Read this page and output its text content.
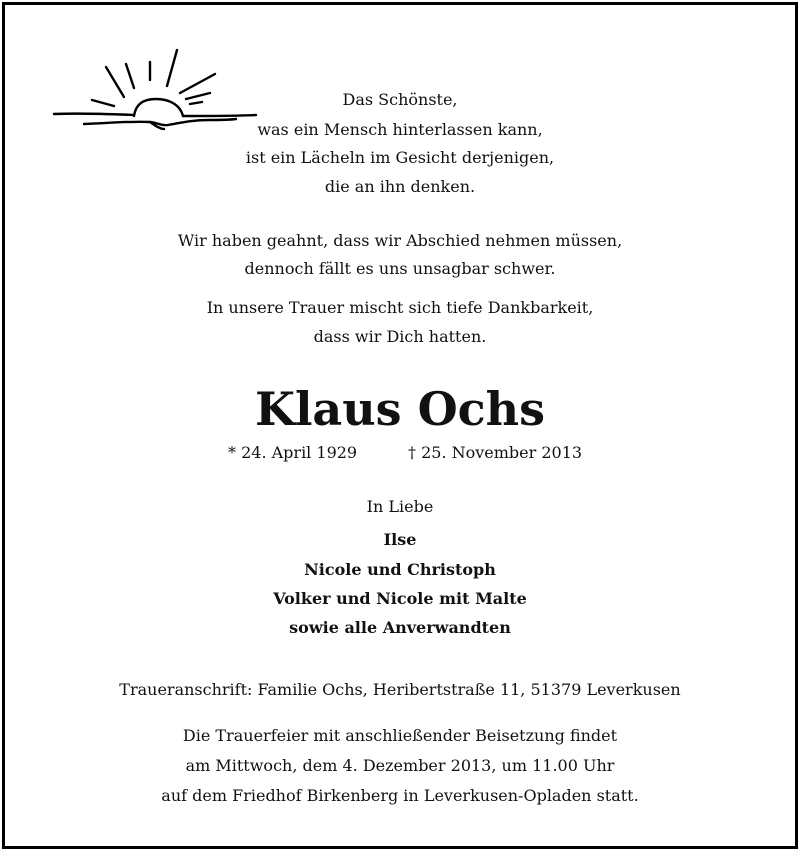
Das Schönste,
was ein Mensch hinterlassen kann,
ist ein Lächeln im Gesicht derjenigen,
die an ihn denken.
Wir haben geahnt, dass wir Abschied nehmen müssen,
dennoch fällt es uns unsagbar schwer.
In unsere Trauer mischt sich tiefe Dankbarkeit,
dass wir Dich hatten.
Klaus Ochs
* 24. April 1929	† 25. November 2013
In Liebe
Ilse
Nicole und Christoph
Volker und Nicole mit Malte
sowie alle Anverwandten
Traueranschrift: Familie Ochs, Heribertstraße 11, 51379 Leverkusen
Die Trauerfeier mit anschließender Beisetzung findet
am Mittwoch, dem 4. Dezember 2013, um 11.00 Uhr
auf dem Friedhof Birkenberg in Leverkusen-Opladen statt.
